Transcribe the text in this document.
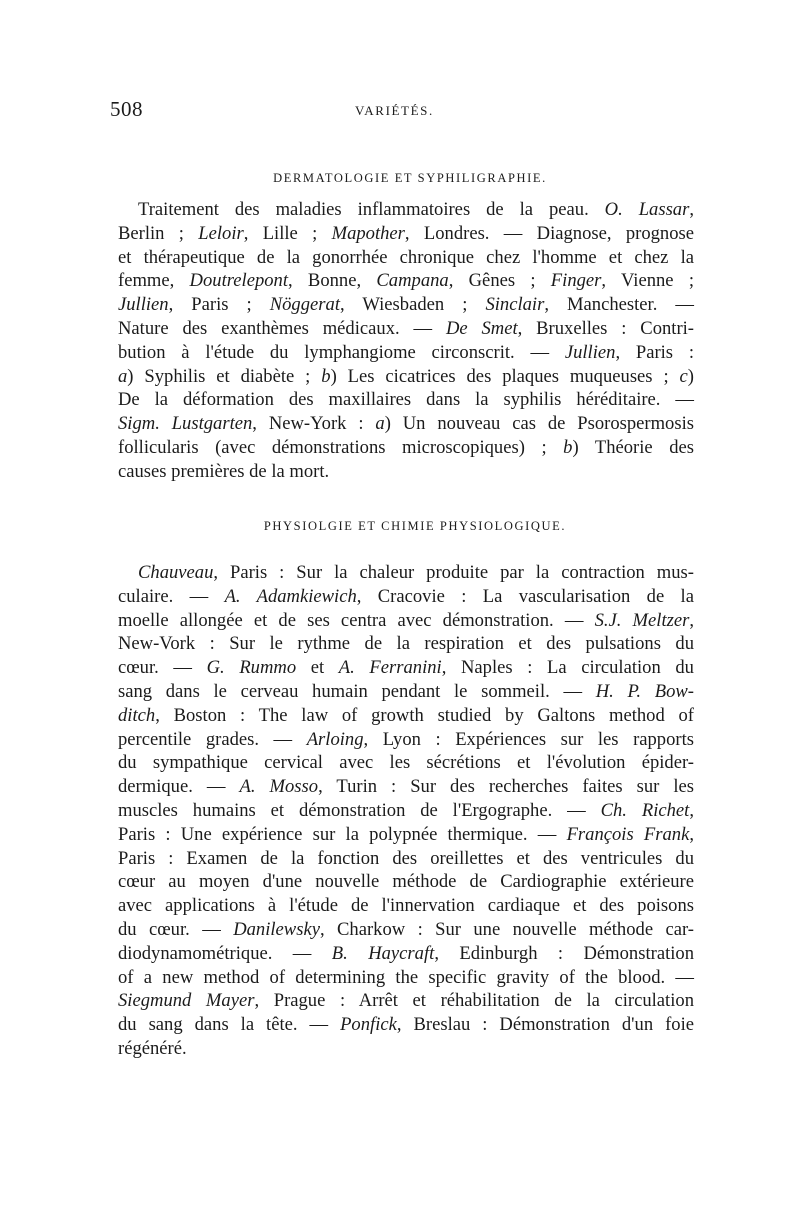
508	VARIÉTÉS.
DERMATOLOGIE ET SYPHILIGRAPHIE.
Traitement des maladies inflammatoires de la peau. O. Lassar,
Berlin ; Leloir, Lille ; Mapother, Londres. — Diagnose, prognose
et thérapeutique de la gonorrhée chronique chez l'homme et chez la
femme, Doutrelepont, Bonne, Campana, Gênes ; Finger, Vienne ;
Jullien, Paris ; Nöggerat, Wiesbaden ; Sinclair, Manchester. —
Nature des exanthèmes médicaux. — De Smet, Bruxelles : Contri-
bution à l'étude du lymphangiome circonscrit. — Jullien, Paris :
a) Syphilis et diabète ; b) Les cicatrices des plaques muqueuses ; c)
De la déformation des maxillaires dans la syphilis héréditaire. —
Sigm. Lustgarten, New-York : a) Un nouveau cas de Psorospermosis
follicularis (avec démonstrations microscopiques) ; b) Théorie des
causes premières de la mort.
PHYSIOLGIE ET CHIMIE PHYSIOLOGIQUE.
Chauveau, Paris : Sur la chaleur produite par la contraction mus-
culaire. — A. Adamkiewich, Cracovie : La vascularisation de la
moelle allongée et de ses centra avec démonstration. — S.J. Meltzer,
New-Vork : Sur le rythme de la respiration et des pulsations du
cœur. — G. Rummo et A. Ferranini, Naples : La circulation du
sang dans le cerveau humain pendant le sommeil. — H. P. Bow-
ditch, Boston : The law of growth studied by Galtons method of
percentile grades. — Arloing, Lyon : Expériences sur les rapports
du sympathique cervical avec les sécrétions et l'évolution épider-
dermique. — A. Mosso, Turin : Sur des recherches faites sur les
muscles humains et démonstration de l'Ergographe. — Ch. Richet,
Paris : Une expérience sur la polypnée thermique. — François Frank,
Paris : Examen de la fonction des oreillettes et des ventricules du
cœur au moyen d'une nouvelle méthode de Cardiographie extérieure
avec applications à l'étude de l'innervation cardiaque et des poisons
du cœur. — Danilewsky, Charkow : Sur une nouvelle méthode car-
diodynamométrique. — B. Haycraft, Edinburgh : Démonstration
of a new method of determining the specific gravity of the blood. —
Siegmund Mayer, Prague : Arrêt et réhabilitation de la circulation
du sang dans la tête. — Ponfick, Breslau : Démonstration d'un foie
régénéré.
